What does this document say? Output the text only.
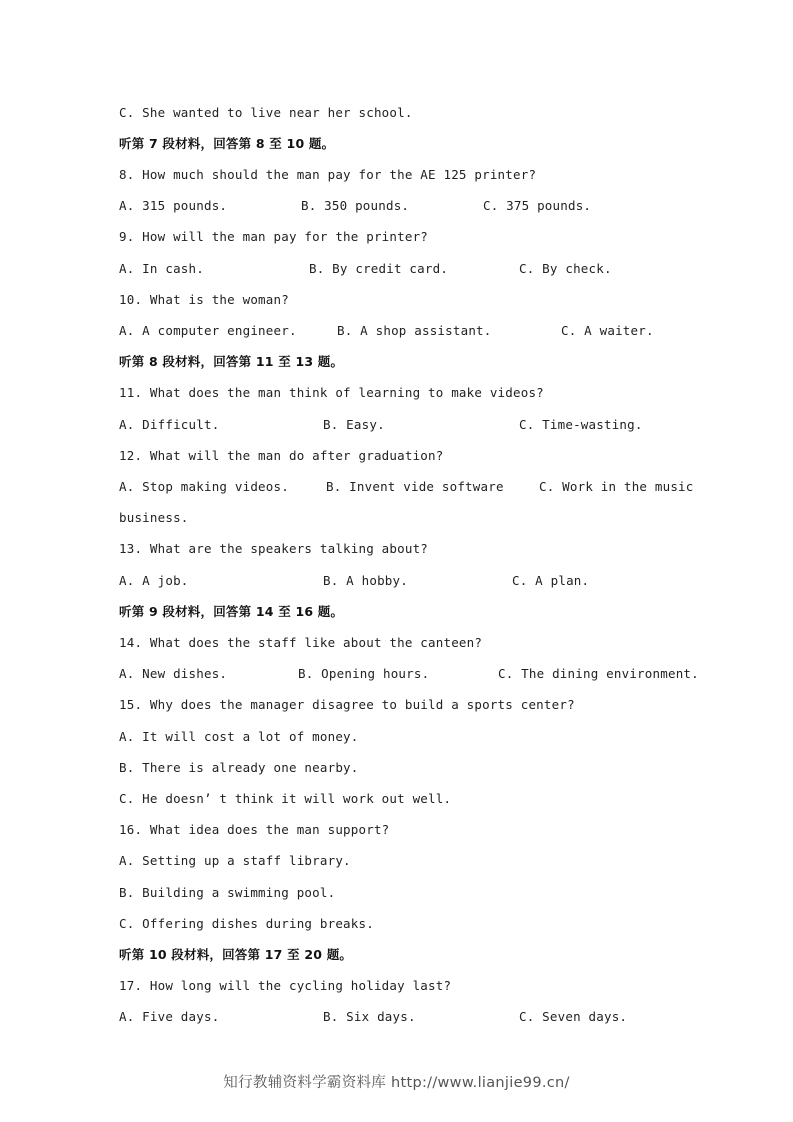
C. She wanted to live near her school.
听第 7 段材料，回答第 8 至 10 题。
8. How much should the man pay for the AE 125 printer?
A. 315 pounds.	B. 350 pounds.	C. 375 pounds.
9. How will the man pay for the printer?
A. In cash.	B. By credit card.	C. By check.
10. What is the woman?
A. A computer engineer.	B. A shop assistant.	C. A waiter.
听第 8 段材料，回答第 11 至 13 题。
11. What does the man think of learning to make videos?
A. Difficult.	B. Easy.	C. Time-wasting.
12. What will the man do after graduation?
A. Stop making videos.	B. Invent vide software	C. Work in the music
business.
13. What are the speakers talking about?
A. A job.	B. A hobby.	C. A plan.
听第 9 段材料，回答第 14 至 16 题。
14. What does the staff like about the canteen?
A. New dishes.	B. Opening hours.	C. The dining environment.
15. Why does the manager disagree to build a sports center?
A. It will cost a lot of money.
B. There is already one nearby.
C. He doesn’ t think it will work out well.
16. What idea does the man support?
A. Setting up a staff library.
B. Building a swimming pool.
C. Offering dishes during breaks.
听第 10 段材料，回答第 17 至 20 题。
17. How long will the cycling holiday last?
A. Five days.	B. Six days.	C. Seven days.
知行教辅资料学霸资料库 http://www.lianjie99.cn/
